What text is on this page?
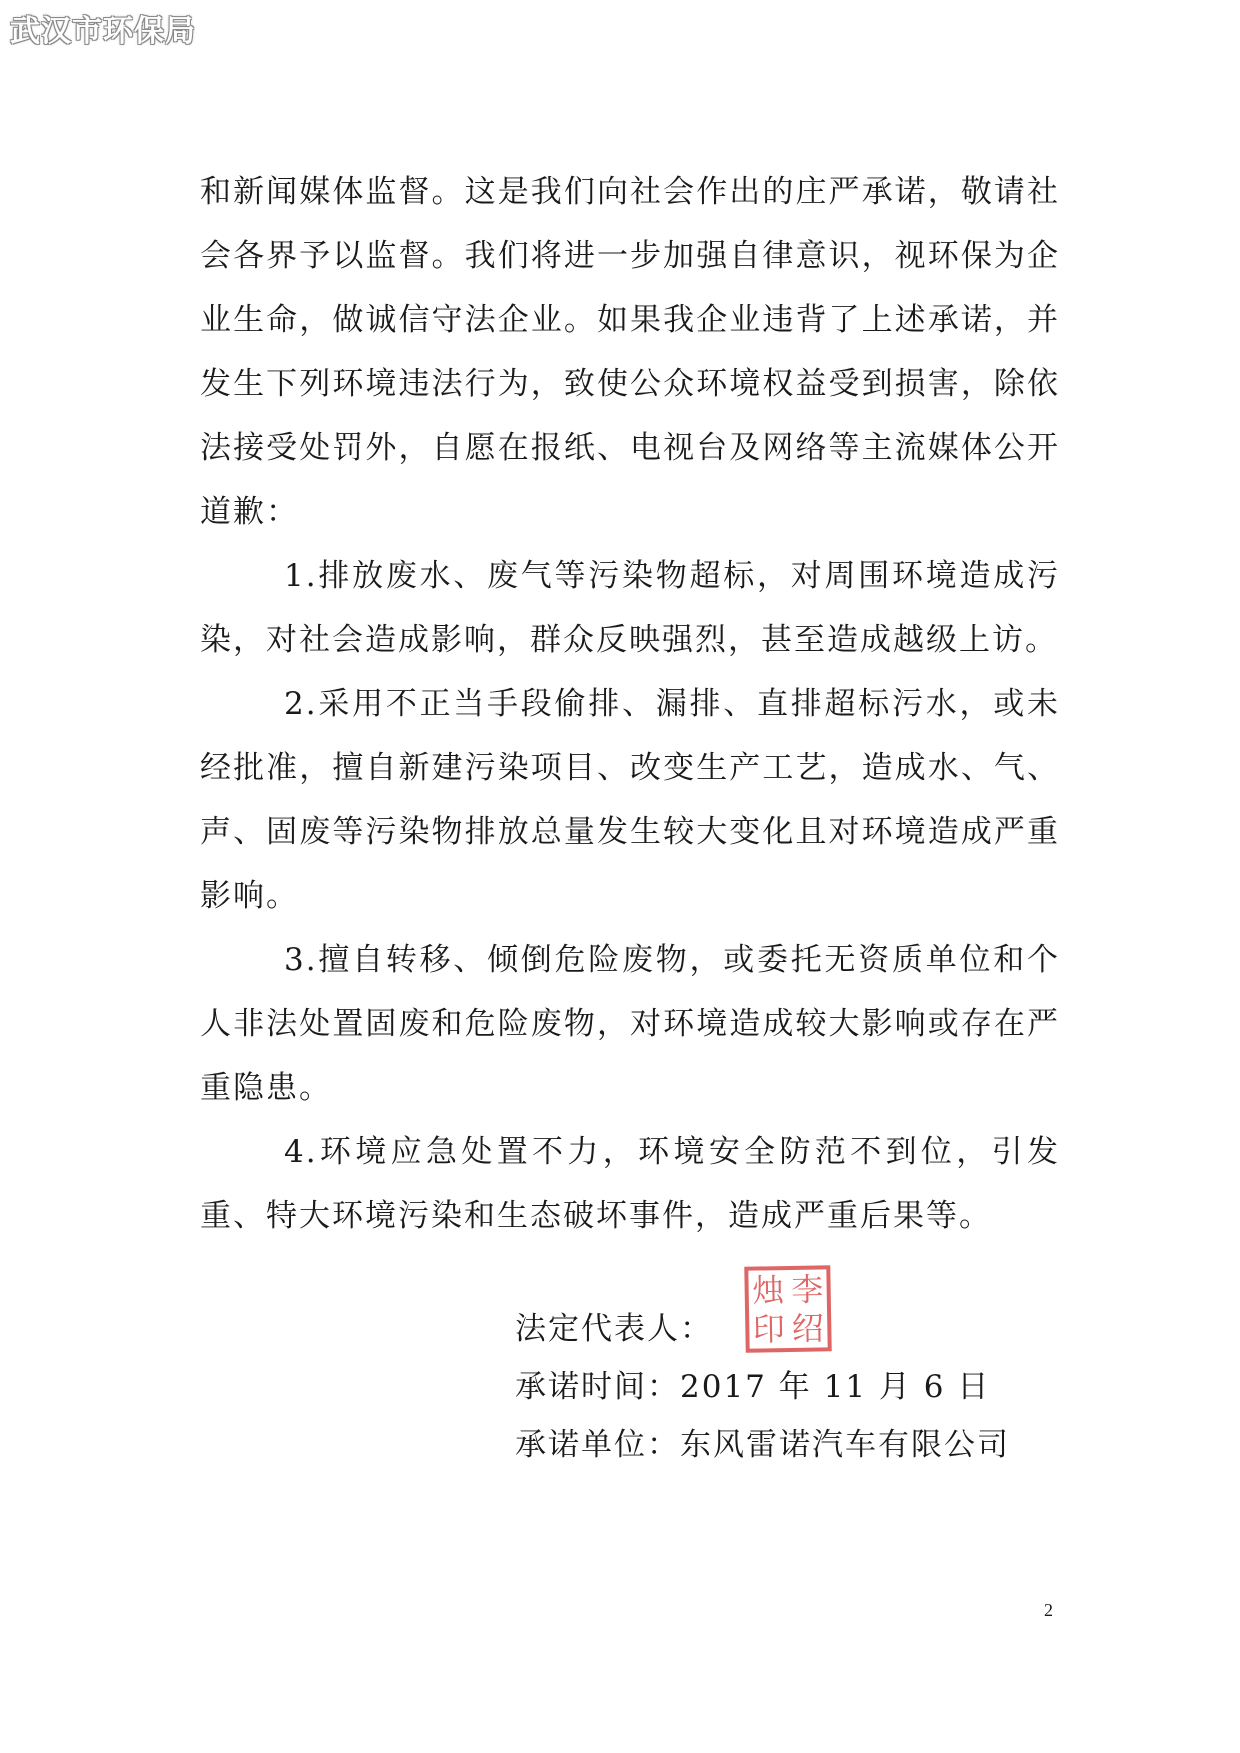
武汉市环保局

和新闻媒体监督。这是我们向社会作出的庄严承诺，敬请社会各界予以监督。我们将进一步加强自律意识，视环保为企业生命，做诚信守法企业。如果我企业违背了上述承诺，并发生下列环境违法行为，致使公众环境权益受到损害，除依法接受处罚外，自愿在报纸、电视台及网络等主流媒体公开道歉：

1.排放废水、废气等污染物超标，对周围环境造成污染，对社会造成影响，群众反映强烈，甚至造成越级上访。

2.采用不正当手段偷排、漏排、直排超标污水，或未经批准，擅自新建污染项目、改变生产工艺，造成水、气、声、固废等污染物排放总量发生较大变化且对环境造成严重影响。

3.擅自转移、倾倒危险废物，或委托无资质单位和个人非法处置固废和危险废物，对环境造成较大影响或存在严重隐患。

4.环境应急处置不力，环境安全防范不到位，引发重、特大环境污染和生态破坏事件，造成严重后果等。

法定代表人：
烛 李
印 绍
承诺时间：2017 年 11 月 6 日
承诺单位：东风雷诺汽车有限公司
2
